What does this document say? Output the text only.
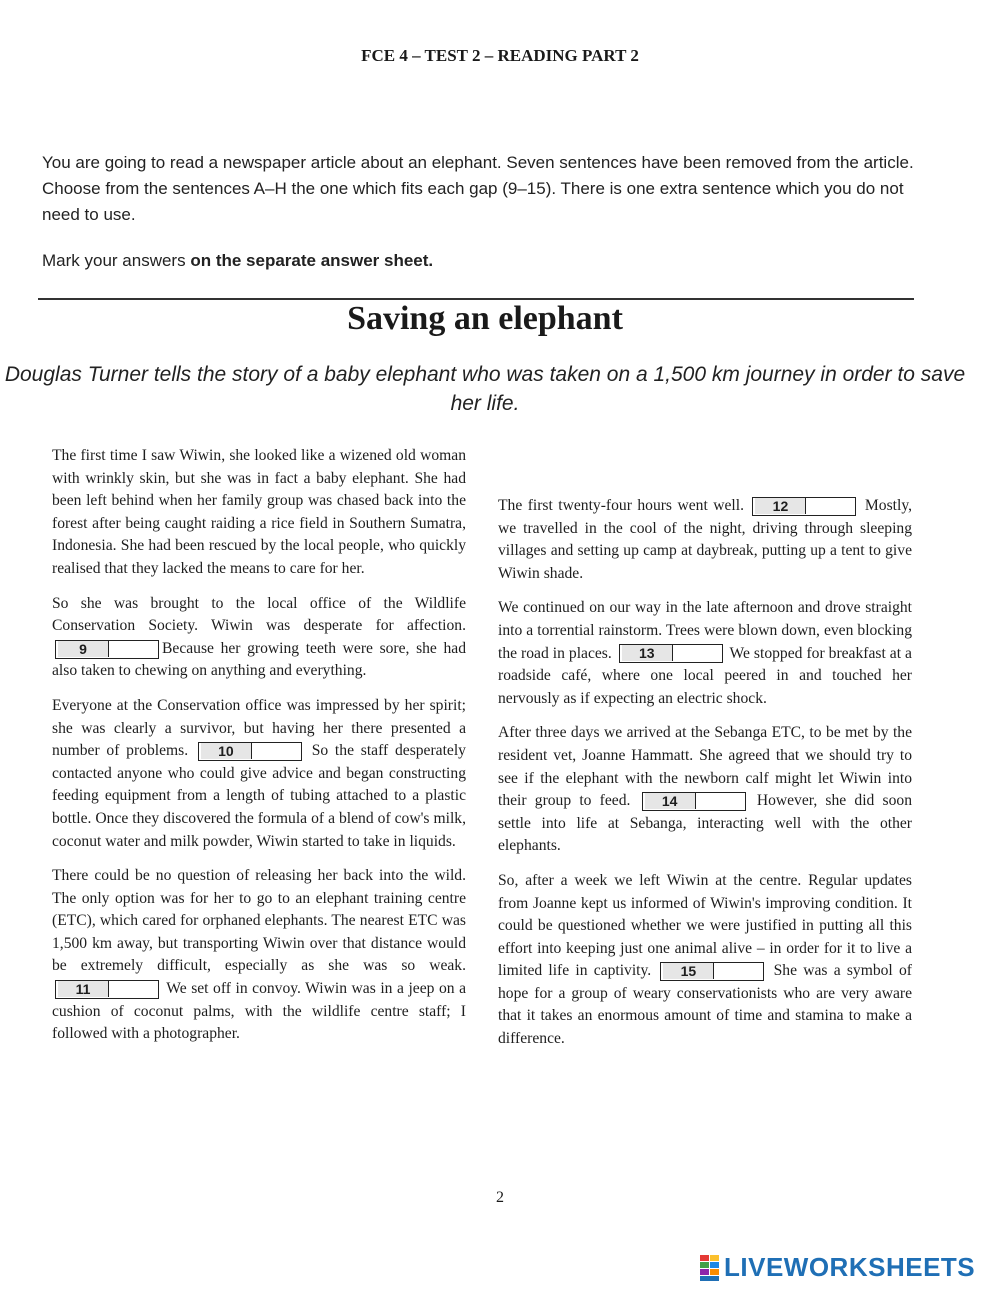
FCE 4 – TEST 2 – READING PART 2

You are going to read a newspaper article about an elephant. Seven sentences have been removed from the article. Choose from the sentences A–H the one which fits each gap (9–15). There is one extra sentence which you do not need to use.

Mark your answers on the separate answer sheet.

Saving an elephant
Douglas Turner tells the story of a baby elephant who was taken on a 1,500 km journey in order to save her life.

The first time I saw Wiwin, she looked like a wizened old woman with wrinkly skin, but she was in fact a baby elephant. She had been left behind when her family group was chased back into the forest after being caught raiding a rice field in Southern Sumatra, Indonesia. She had been rescued by the local people, who quickly realised that they lacked the means to care for her.

So she was brought to the local office of the Wildlife Conservation Society. Wiwin was desperate for affection.
9	Because her growing teeth were sore, she had also taken to chewing on anything and everything.

Everyone at the Conservation office was impressed by her spirit; she was clearly a survivor, but having her there presented a number of problems.	10	So the staff desperately contacted anyone who could give advice and began constructing feeding equipment from a length of tubing attached to a plastic bottle. Once they discovered the formula of a blend of cow's milk, coconut water and milk powder, Wiwin started to take in liquids.

There could be no question of releasing her back into the wild. The only option was for her to go to an elephant training centre (ETC), which cared for orphaned elephants. The nearest ETC was 1,500 km away, but transporting Wiwin over that distance would be extremely difficult, especially as she was so weak.
11	We set off in convoy. Wiwin was in a jeep on a cushion of coconut palms, with the wildlife centre staff; I followed with a photographer.

The first twenty-four hours went well.	12	Mostly, we travelled in the cool of the night, driving through sleeping villages and setting up camp at daybreak, putting up a tent to give Wiwin shade.

We continued on our way in the late afternoon and drove straight into a torrential rainstorm. Trees were blown down, even blocking the road in places.	13	We stopped for breakfast at a roadside café, where one local peered in and touched her nervously as if expecting an electric shock.

After three days we arrived at the Sebanga ETC, to be met by the resident vet, Joanne Hammatt. She agreed that we should try to see if the elephant with the newborn calf might let Wiwin into their group to feed.	14	However, she did soon settle into life at Sebanga, interacting well with the other elephants.

So, after a week we left Wiwin at the centre. Regular updates from Joanne kept us informed of Wiwin's improving condition. It could be questioned whether we were justified in putting all this effort into keeping just one animal alive – in order for it to live a limited life in captivity.	15	She was a symbol of hope for a group of weary conservationists who are very aware that it takes an enormous amount of time and stamina to make a difference.

2
LIVEWORKSHEETS
